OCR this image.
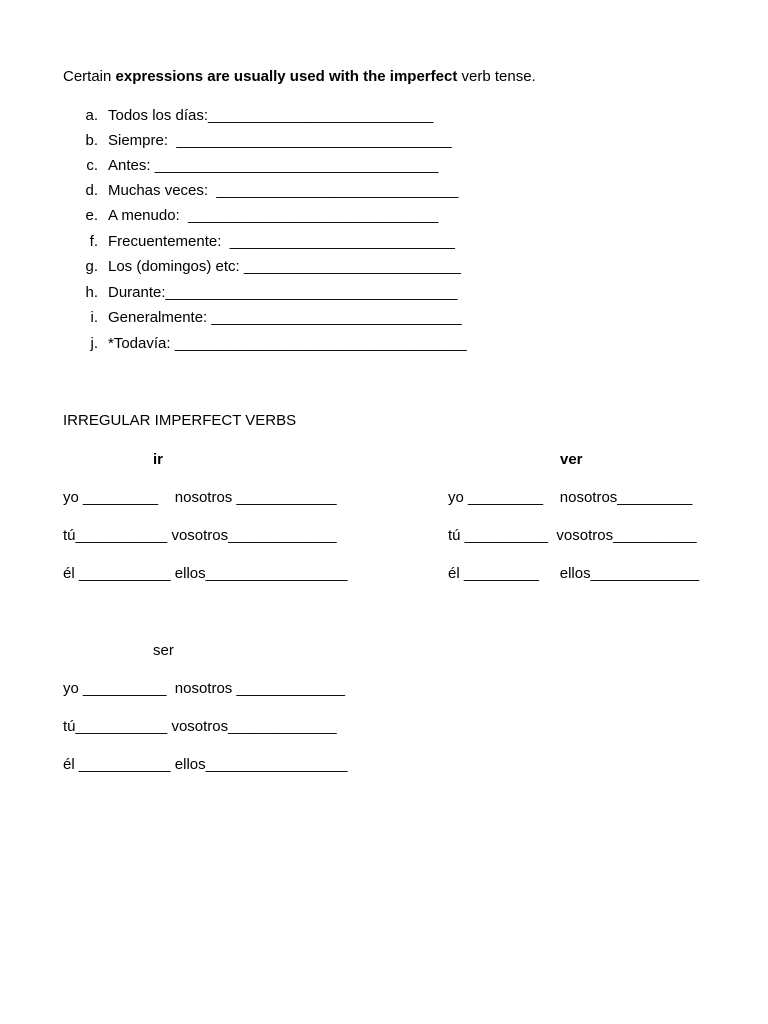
Certain expressions are usually used with the imperfect verb tense.
a. Todos los días:___________________________
b. Siempre:  _________________________________
c. Antes: __________________________________
d. Muchas veces:  _____________________________
e. A menudo:  ______________________________
f. Frecuentemente:  ___________________________
g. Los (domingos) etc: __________________________
h. Durante:___________________________________
i. Generalmente: ______________________________
j. *Todavía: ___________________________________
IRREGULAR IMPERFECT VERBS
ir
yo _________    nosotros ____________
tú___________ vosotros_____________
él ___________ ellos_________________
ver
yo _________    nosotros_________
tú __________  vosotros__________
él _________     ellos_____________
ser
yo __________  nosotros _____________
tú___________ vosotros_____________
él ___________ ellos_________________
